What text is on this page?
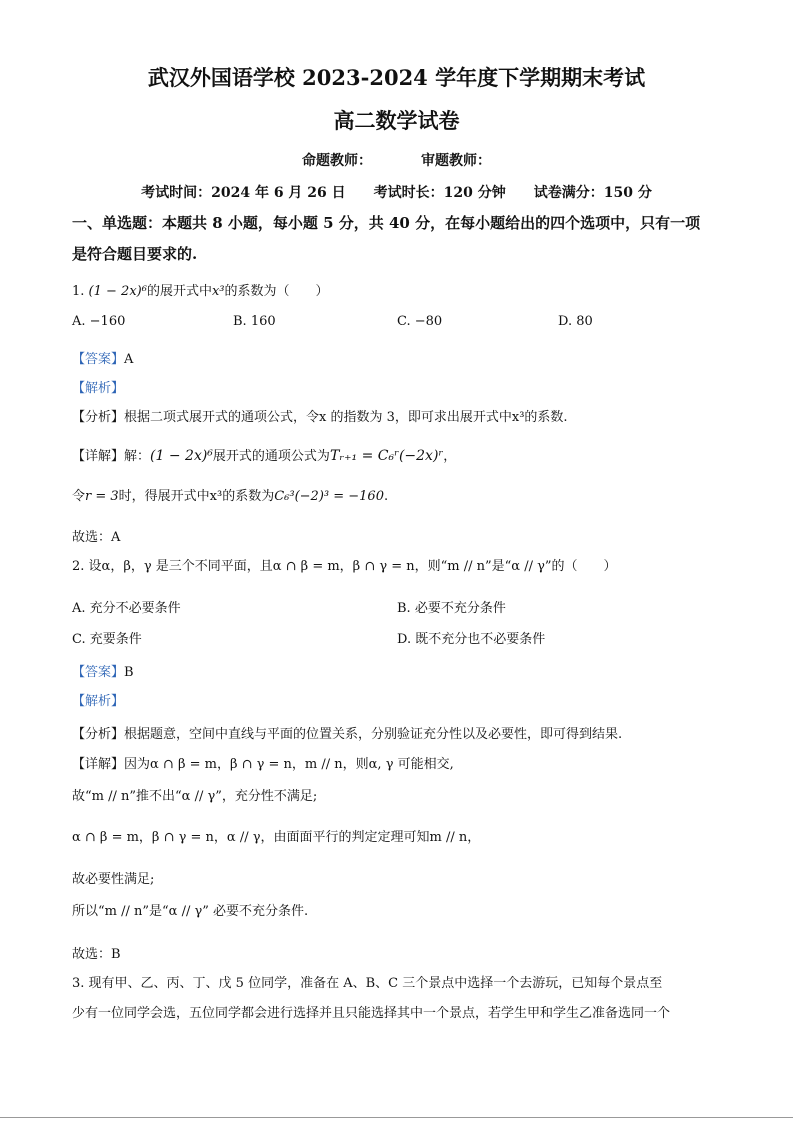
武汉外国语学校 2023-2024 学年度下学期期末考试
高二数学试卷
命题教师：　　　　审题教师：
考试时间：2024 年 6 月 26 日　　考试时长：120 分钟　　试卷满分：150 分
一、单选题：本题共 8 小题，每小题 5 分，共 40 分，在每小题给出的四个选项中，只有一项
是符合题目要求的.
1. (1 − 2x)⁶的展开式中x³的系数为（　　）
A. −160	B. 160	C. −80	D. 80
【答案】A
【解析】
【分析】根据二项式展开式的通项公式，令x 的指数为 3，即可求出展开式中x³的系数.
【详解】解：(1 − 2x)⁶展开式的通项公式为Tᵣ₊₁ = C₆ʳ(−2x)ʳ，
令r = 3时，得展开式中x³的系数为C₆³(−2)³ = −160.
故选：A
2. 设α，β，γ 是三个不同平面，且α ∩ β = m，β ∩ γ = n，则“m // n”是“α // γ”的（　　）
A. 充分不必要条件	B. 必要不充分条件
C. 充要条件	D. 既不充分也不必要条件
【答案】B
【解析】
【分析】根据题意，空间中直线与平面的位置关系，分别验证充分性以及必要性，即可得到结果.
【详解】因为α ∩ β = m，β ∩ γ = n，m // n，则α, γ 可能相交,
故“m // n”推不出“α // γ”，充分性不满足;
α ∩ β = m，β ∩ γ = n，α // γ，由面面平行的判定定理可知m // n，
故必要性满足;
所以“m // n”是“α // γ” 必要不充分条件.
故选：B
3. 现有甲、乙、丙、丁、戊 5 位同学，准备在 A、B、C 三个景点中选择一个去游玩，已知每个景点至
少有一位同学会选，五位同学都会进行选择并且只能选择其中一个景点，若学生甲和学生乙准备选同一个
